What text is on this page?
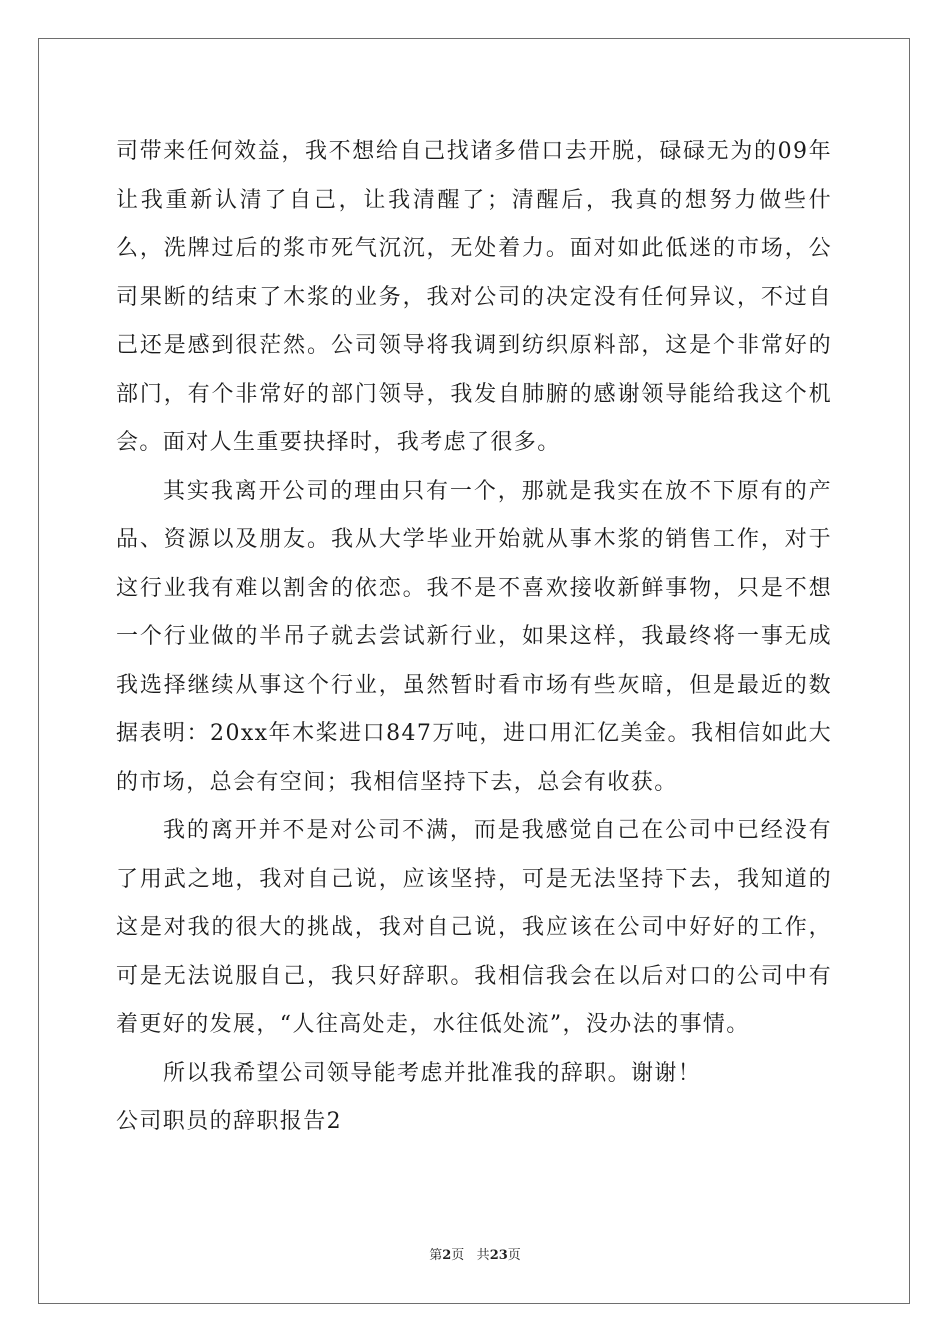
司带来任何效益，我不想给自己找诸多借口去开脱，碌碌无为的09年让我重新认清了自己，让我清醒了；清醒后，我真的想努力做些什么，洗牌过后的浆市死气沉沉，无处着力。面对如此低迷的市场，公司果断的结束了木浆的业务，我对公司的决定没有任何异议，不过自己还是感到很茫然。公司领导将我调到纺织原料部，这是个非常好的部门，有个非常好的部门领导，我发自肺腑的感谢领导能给我这个机会。面对人生重要抉择时，我考虑了很多。

其实我离开公司的理由只有一个，那就是我实在放不下原有的产品、资源以及朋友。我从大学毕业开始就从事木浆的销售工作，对于这行业我有难以割舍的依恋。我不是不喜欢接收新鲜事物，只是不想一个行业做的半吊子就去尝试新行业，如果这样，我最终将一事无成我选择继续从事这个行业，虽然暂时看市场有些灰暗，但是最近的数据表明：20xx年木桨进口847万吨，进口用汇亿美金。我相信如此大的市场，总会有空间；我相信坚持下去，总会有收获。

我的离开并不是对公司不满，而是我感觉自己在公司中已经没有了用武之地，我对自己说，应该坚持，可是无法坚持下去，我知道的这是对我的很大的挑战，我对自己说，我应该在公司中好好的工作，可是无法说服自己，我只好辞职。我相信我会在以后对口的公司中有着更好的发展，“人往高处走，水往低处流”，没办法的事情。

所以我希望公司领导能考虑并批准我的辞职。谢谢！

公司职员的辞职报告2

第2页 共23页
